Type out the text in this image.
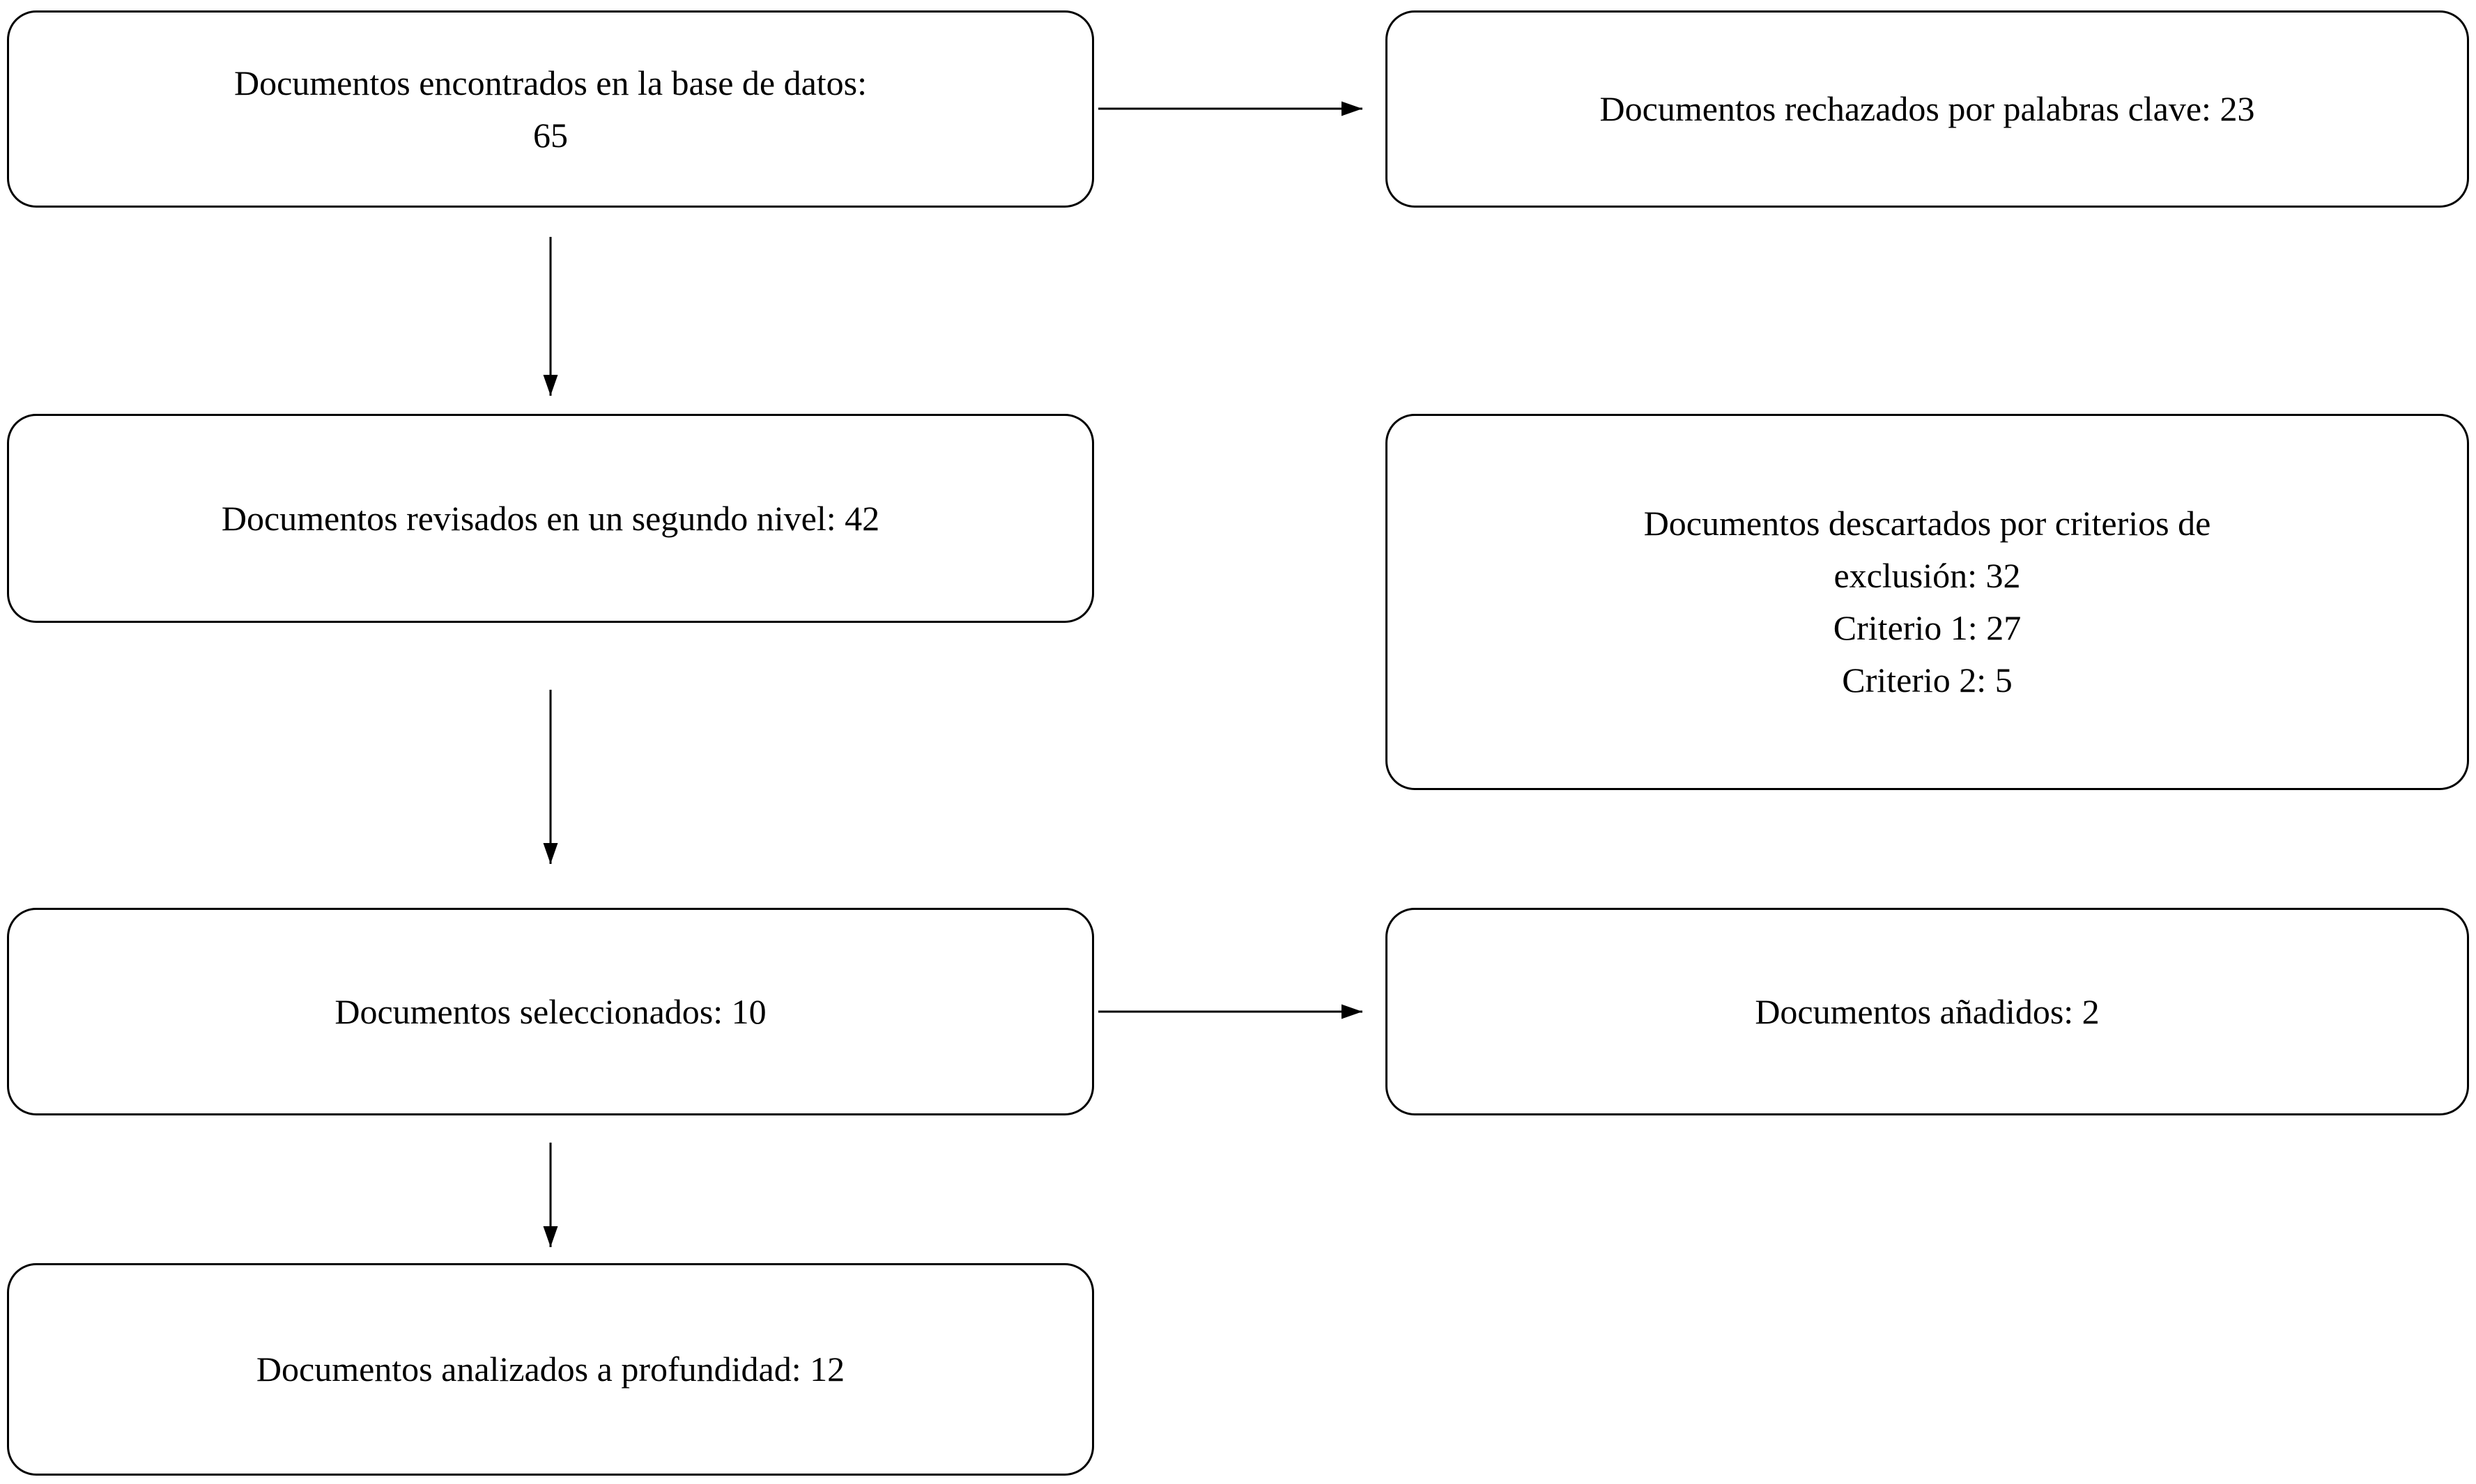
Documentos encontrados en la base de datos:
65
Documentos revisados en un segundo nivel: 42
Documentos seleccionados: 10
Documentos analizados a profundidad: 12
Documentos rechazados por palabras clave: 23
Documentos descartados por criterios de
exclusión: 32
Criterio 1: 27
Criterio 2: 5
Documentos añadidos: 2
